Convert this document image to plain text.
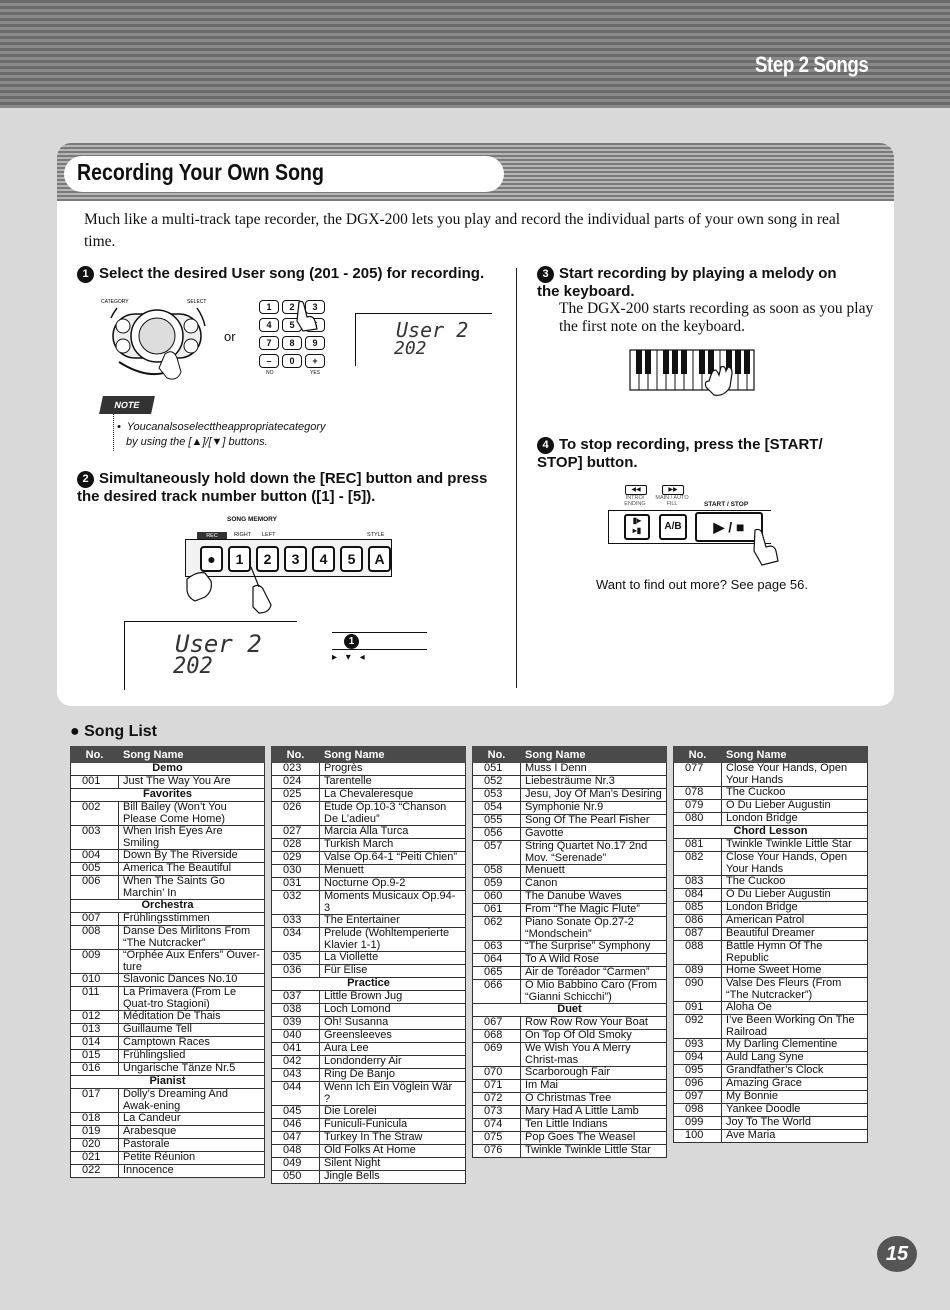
Step 2 Songs
Recording Your Own Song
Much like a multi-track tape recorder, the DGX-200 lets you play and record the individual parts of your own song in real time.
1 Select the desired User song (201 - 205) for recording.
CATEGORY	SELECT
or
1	2	3
4	5
7	8	9
–	0	+
NO	YES
User 2
202
NOTE
• Youcanalsoselecttheappropriatecategory
by using the [▲]/[▼] buttons.
2 Simultaneously hold down the [REC] button and press the desired track number button ([1] - [5]).
SONG MEMORY
REC	RIGHT LEFT	STYLE
●	1	2	3	4	5	A
User 2
202
1
▸ ▾ ◂
3 Start recording by playing a melody on the keyboard.
The DGX-200 starts recording as soon as you play the first note on the keyboard.
4 To stop recording, press the [START/ STOP] button.
◀◀	▶▶
INTRO/ ENDING
MAIN / AUTO FILL	START / STOP
▮▸
▸▮	A/B	▶ / ■
Want to find out more? See page 56.
● Song List
No.	Song Name
Demo	
001	Just The Way You Are
Favorites	
002	Bill Bailey (Won’t You Please Come Home)
003	When Irish Eyes Are Smiling
004	Down By The Riverside
005	America The Beautiful
006	When The Saints Go Marchin’ In
Orchestra	
007	Frühlingsstimmen
008	Danse Des Mirlitons From “The Nutcracker”
009	“Orphée Aux Enfers” Ouver-ture
010	Slavonic Dances No.10
011	La Primavera (From Le Quat-tro Stagioni)
012	Méditation De Thais
013	Guillaume Tell
014	Camptown Races
015	Frühlingslied
016	Ungarische Tänze Nr.5
Pianist	
017	Dolly’s Dreaming And Awak-ening
018	La Candeur
019	Arabesque
020	Pastorale
021	Petite Réunion
022	Innocence
No.	Song Name
023	Progrès
024	Tarentelle
025	La Chevaleresque
026	Etude Op.10-3 “Chanson De L’adieu”
027	Marcia Alla Turca
028	Turkish March
029	Valse Op.64-1 “Peiti Chien”
030	Menuett
031	Nocturne Op.9-2
032	Moments Musicaux Op.94-3
033	The Entertainer
034	Prelude (Wohltemperierte Klavier 1-1)
035	La Viollette
036	Für Elise
Practice	
037	Little Brown Jug
038	Loch Lomond
039	Oh! Susanna
040	Greensleeves
041	Aura Lee
042	Londonderry Air
043	Ring De Banjo
044	Wenn Ich Ein Vöglein Wär ?
045	Die Lorelei
046	Funiculi-Funicula
047	Turkey In The Straw
048	Old Folks At Home
049	Silent Night
050	Jingle Bells
No.	Song Name
051	Muss I Denn
052	Liebesträume Nr.3
053	Jesu, Joy Of Man’s Desiring
054	Symphonie Nr.9
055	Song Of The Pearl Fisher
056	Gavotte
057	String Quartet No.17 2nd Mov. “Serenade”
058	Menuett
059	Canon
060	The Danube Waves
061	From “The Magic Flute”
062	Piano Sonate Op.27-2 “Mondschein”
063	“The Surprise” Symphony
064	To A Wild Rose
065	Air de Toréador “Carmen”
066	O Mio Babbino Caro (From “Gianni Schicchi”)
Duet	
067	Row Row Row Your Boat
068	On Top Of Old Smoky
069	We Wish You A Merry Christ-mas
070	Scarborough Fair
071	Im Mai
072	O Christmas Tree
073	Mary Had A Little Lamb
074	Ten Little Indians
075	Pop Goes The Weasel
076	Twinkle Twinkle Little Star
No.	Song Name
077	Close Your Hands, Open Your Hands
078	The Cuckoo
079	O Du Lieber Augustin
080	London Bridge
Chord Lesson	
081	Twinkle Twinkle Little Star
082	Close Your Hands, Open Your Hands
083	The Cuckoo
084	O Du Lieber Augustin
085	London Bridge
086	American Patrol
087	Beautiful Dreamer
088	Battle Hymn Of The Republic
089	Home Sweet Home
090	Valse Des Fleurs (From “The Nutcracker”)
091	Aloha Oe
092	I’ve Been Working On The Railroad
093	My Darling Clementine
094	Auld Lang Syne
095	Grandfather’s Clock
096	Amazing Grace
097	My Bonnie
098	Yankee Doodle
099	Joy To The World
100	Ave Maria
15
